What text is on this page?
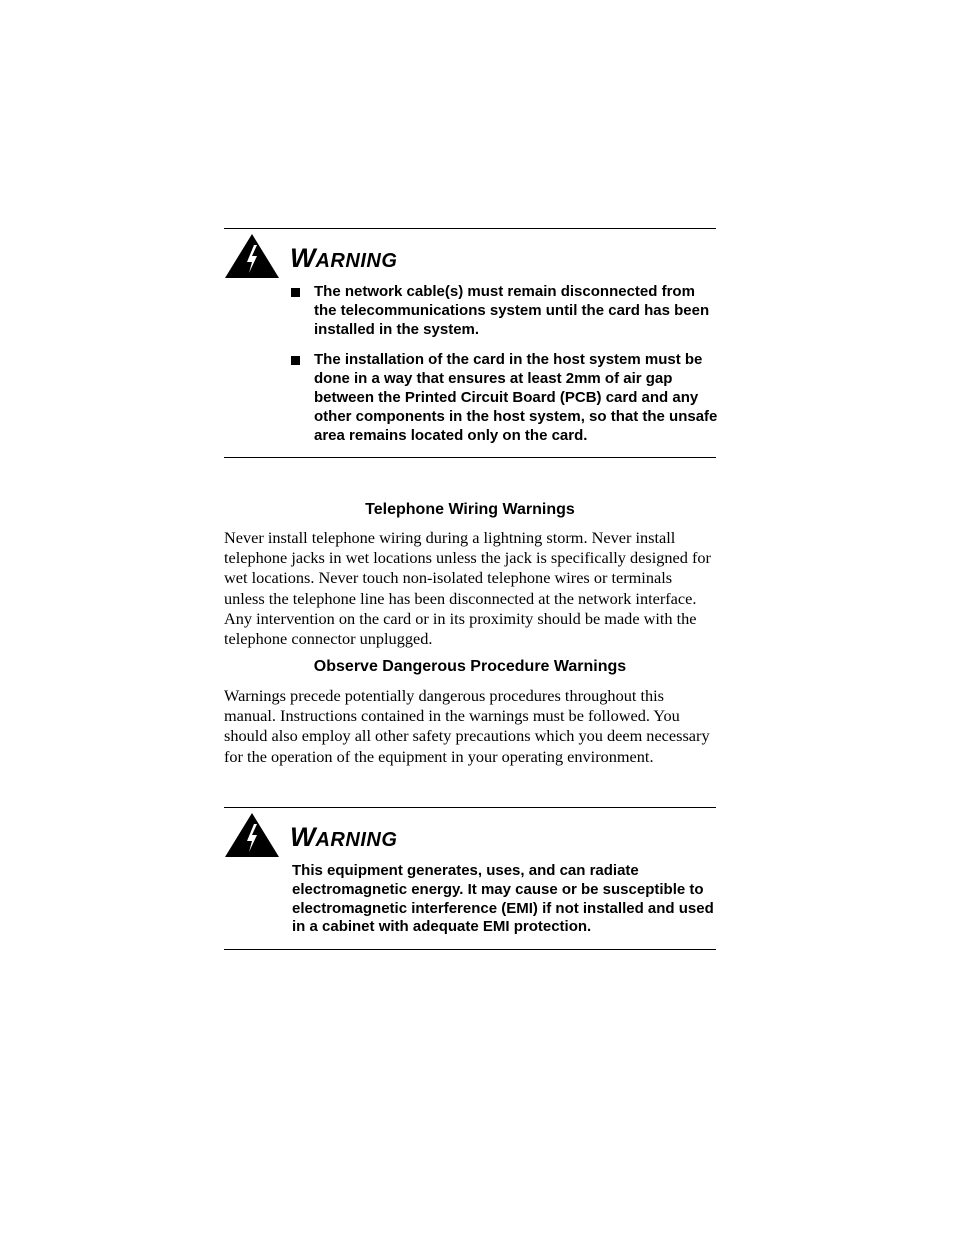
WARNING
The network cable(s) must remain disconnected from the telecommunications system until the card has been installed in the system.
The installation of the card in the host system must be done in a way that ensures at least 2mm of air gap between the Printed Circuit Board (PCB) card and any other components in the host system, so that the unsafe area remains located only on the card.
Telephone Wiring Warnings

Never install telephone wiring during a lightning storm. Never install telephone jacks in wet locations unless the jack is specifically designed for wet locations. Never touch non-isolated telephone wires or terminals unless the telephone line has been disconnected at the network interface. Any intervention on the card or in its proximity should be made with the telephone connector unplugged.

Observe Dangerous Procedure Warnings

Warnings precede potentially dangerous procedures throughout this manual. Instructions contained in the warnings must be followed. You should also employ all other safety precautions which you deem necessary for the operation of the equipment in your operating environment.

WARNING

This equipment generates, uses, and can radiate electromagnetic energy. It may cause or be susceptible to electromagnetic interference (EMI) if not installed and used in a cabinet with adequate EMI protection.
